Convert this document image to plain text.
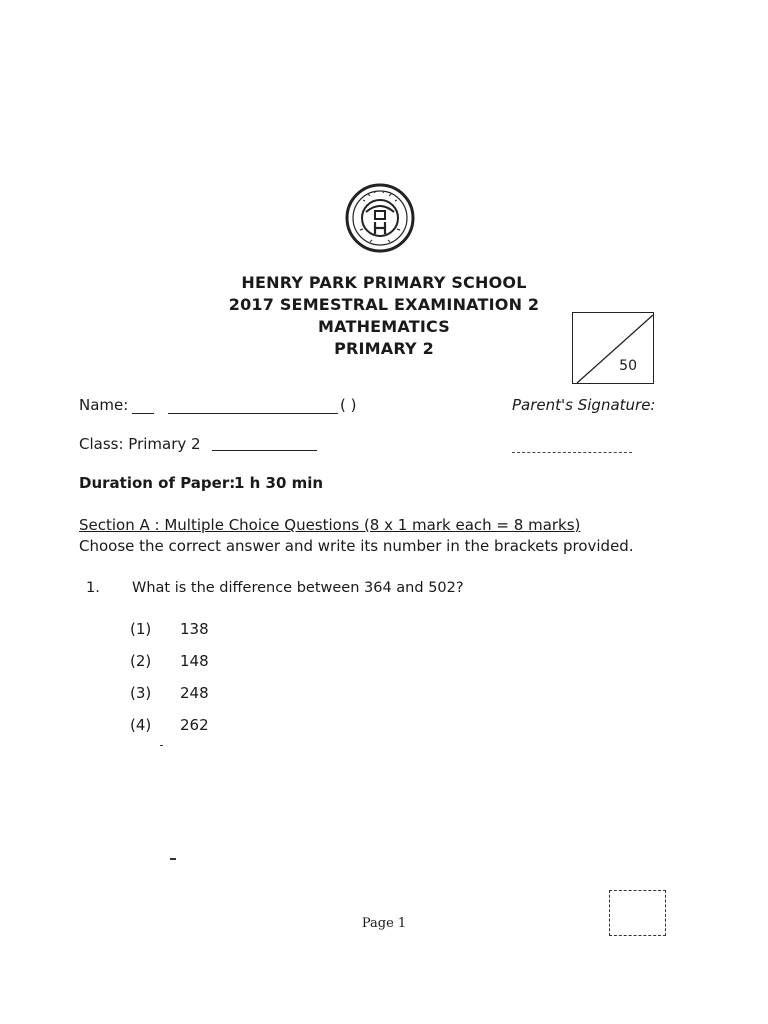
HENRY PARK PRIMARY SCHOOL
2017 SEMESTRAL EXAMINATION 2
MATHEMATICS
PRIMARY 2
50
Name:	( )	Parent's Signature:
Class: Primary 2
Duration of Paper:
1 h 30 min
Section A : Multiple Choice Questions (8 x 1 mark each = 8 marks)
Choose the correct answer and write its number in the brackets provided.
1. What is the difference between 364 and 502?
(1) 138
(2) 148
(3) 248
(4) 262
Page 1
